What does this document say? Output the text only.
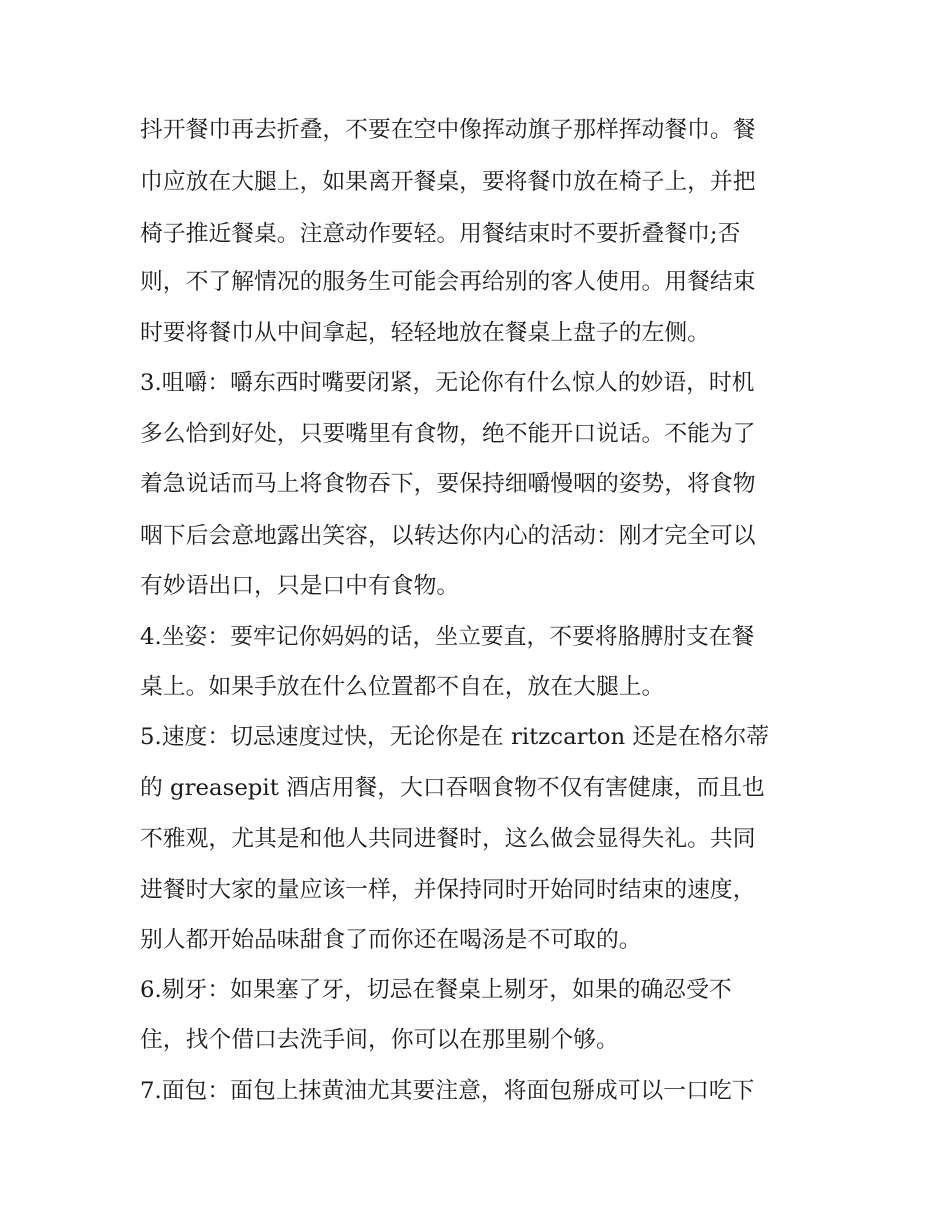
抖开餐巾再去折叠，不要在空中像挥动旗子那样挥动餐巾。餐
巾应放在大腿上，如果离开餐桌，要将餐巾放在椅子上，并把
椅子推近餐桌。注意动作要轻。用餐结束时不要折叠餐巾;否
则，不了解情况的服务生可能会再给别的客人使用。用餐结束
时要将餐巾从中间拿起，轻轻地放在餐桌上盘子的左侧。
3.咀嚼：嚼东西时嘴要闭紧，无论你有什么惊人的妙语，时机
多么恰到好处，只要嘴里有食物，绝不能开口说话。不能为了
着急说话而马上将食物吞下，要保持细嚼慢咽的姿势，将食物
咽下后会意地露出笑容，以转达你内心的活动：刚才完全可以
有妙语出口，只是口中有食物。
4.坐姿：要牢记你妈妈的话，坐立要直，不要将胳膊肘支在餐
桌上。如果手放在什么位置都不自在，放在大腿上。
5.速度：切忌速度过快，无论你是在 ritzcarton 还是在格尔蒂
的 greasepit 酒店用餐，大口吞咽食物不仅有害健康，而且也
不雅观，尤其是和他人共同进餐时，这么做会显得失礼。共同
进餐时大家的量应该一样，并保持同时开始同时结束的速度，
别人都开始品味甜食了而你还在喝汤是不可取的。
6.剔牙：如果塞了牙，切忌在餐桌上剔牙，如果的确忍受不
住，找个借口去洗手间，你可以在那里剔个够。
7.面包：面包上抹黄油尤其要注意，将面包掰成可以一口吃下
